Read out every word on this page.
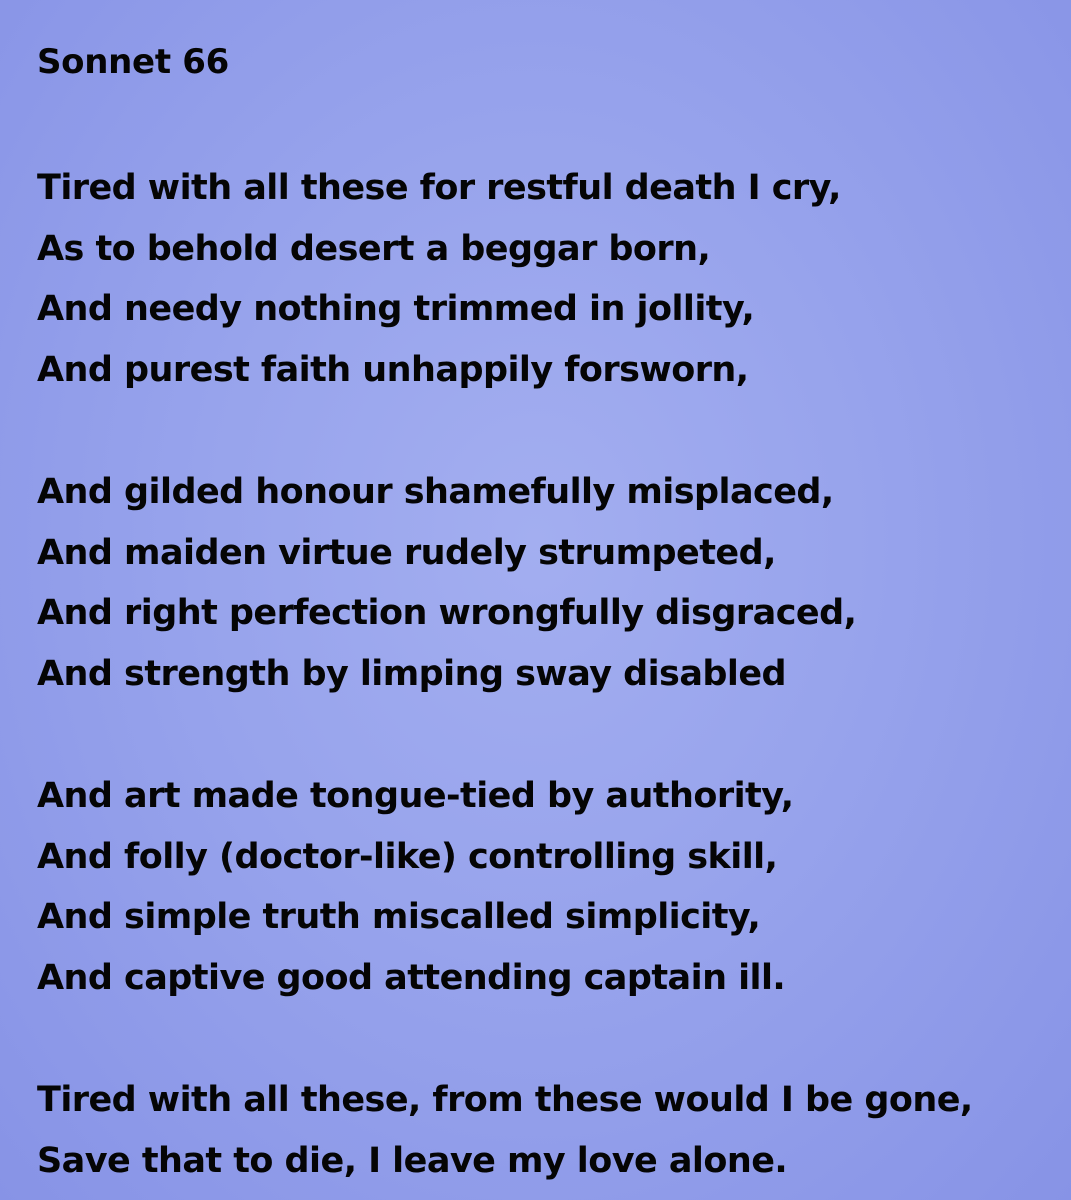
Sonnet 66
Tired with all these for restful death I cry,
As to behold desert a beggar born,
And needy nothing trimmed in jollity,
And purest faith unhappily forsworn,
And gilded honour shamefully misplaced,
And maiden virtue rudely strumpeted,
And right perfection wrongfully disgraced,
And strength by limping sway disabled
And art made tongue-tied by authority,
And folly (doctor-like) controlling skill,
And simple truth miscalled simplicity,
And captive good attending captain ill.
Tired with all these, from these would I be gone,
Save that to die, I leave my love alone.
